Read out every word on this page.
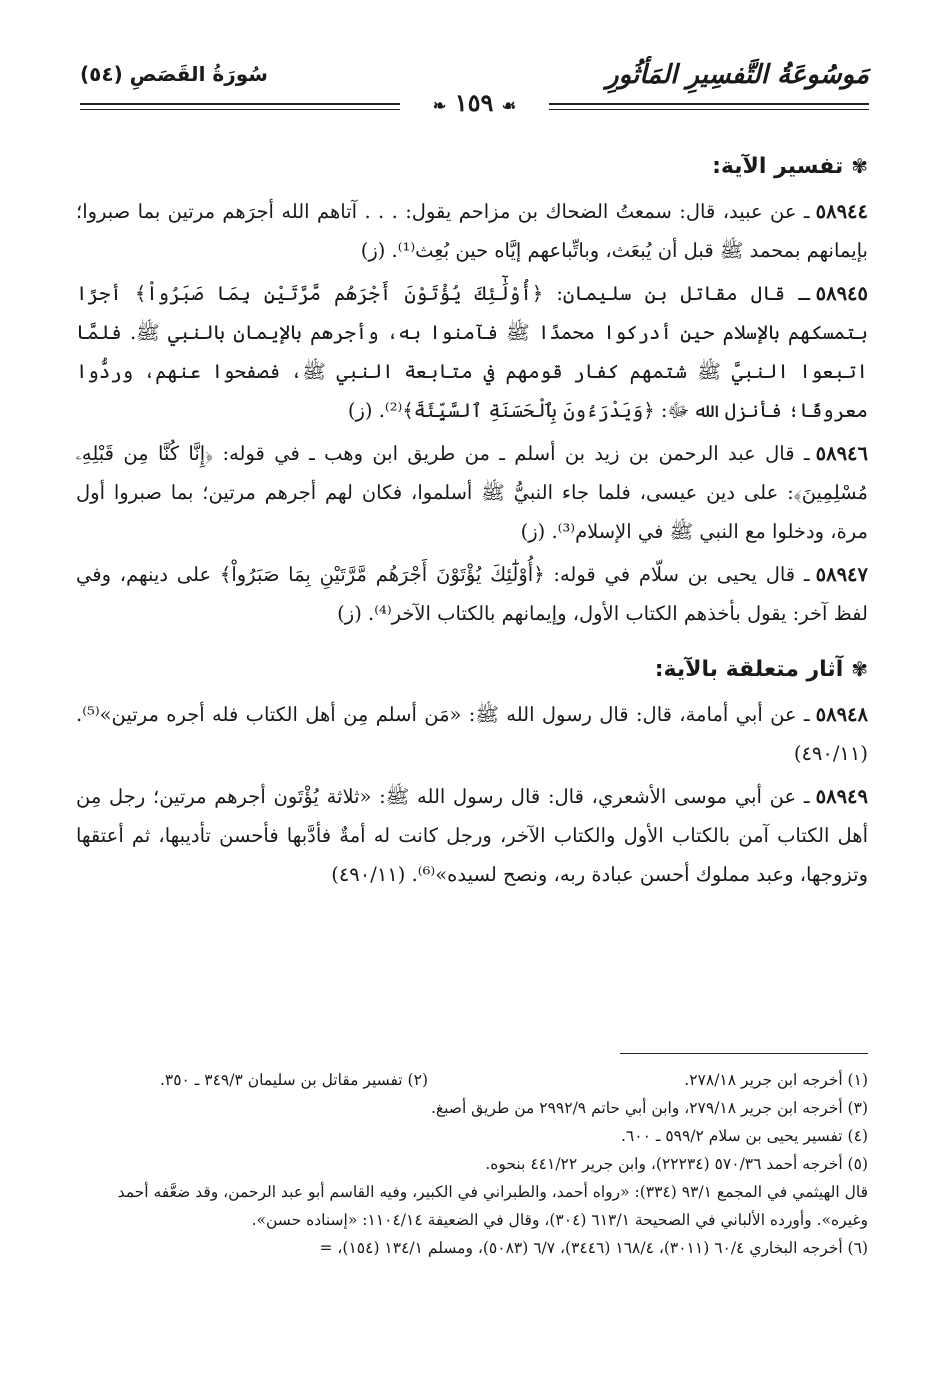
مَوسُوعَةُ التَّفسِيرِ المَأثُورِ
سُورَةُ القَصَصِ (٥٤)
❧ ١٥٩ ☙
✾تفسير الآية:

٥٨٩٤٤ـ عن عبيد، قال: سمعتُ الضحاك بن مزاحم يقول: . . . آتاهم الله أجرَهم مرتين بما صبروا؛ بإيمانهم بمحمد ﷺ قبل أن يُبعَث، وباتِّباعهم إيَّاه حين بُعِث⁽¹⁾. (ز)

٥٨٩٤٥ـ قال مقاتل بن سليمان: ﴿أُوْلَٰٓئِكَ يُؤْتَوْنَ أَجْرَهُم مَّرَّتَيْنِ بِمَا صَبَرُواْ﴾ أجرًا بتمسكهم بالإسلام حين أدركوا محمدًا ﷺ فآمنوا به، وأجرهم بالإيمان بالنبي ﷺ. فلمَّا اتبعوا النبيَّ ﷺ شتمهم كفار قومهم في متابعة النبي ﷺ، فصفحوا عنهم، وردُّوا معروفًا؛ فأنزل الله ﷻ: ﴿وَيَدْرَءُونَ بِٱلْحَسَنَةِ ٱلسَّيِّئَةَ﴾⁽²⁾. (ز)

٥٨٩٤٦ـ قال عبد الرحمن بن زيد بن أسلم ـ من طريق ابن وهب ـ في قوله: ﴿إِنَّا كُنَّا مِن قَبْلِهِۦ مُسْلِمِينَ﴾: على دين عيسى، فلما جاء النبيُّ ﷺ أسلموا، فكان لهم أجرهم مرتين؛ بما صبروا أول مرة، ودخلوا مع النبي ﷺ في الإسلام⁽³⁾. (ز)

٥٨٩٤٧ـ قال يحيى بن سلّام في قوله: ﴿أُوْلَٰٓئِكَ يُؤْتَوْنَ أَجْرَهُم مَّرَّتَيْنِ بِمَا صَبَرُواْ﴾ على دينهم، وفي لفظ آخر: يقول بأخذهم الكتاب الأول، وإيمانهم بالكتاب الآخر⁽⁴⁾. (ز)

✾آثار متعلقة بالآية:

٥٨٩٤٨ـ عن أبي أمامة، قال: قال رسول الله ﷺ: «مَن أسلم مِن أهل الكتاب فله أجره مرتين»⁽⁵⁾. (٤٩٠/١١)

٥٨٩٤٩ـ عن أبي موسى الأشعري، قال: قال رسول الله ﷺ: «ثلاثة يُؤْتَون أجرهم مرتين؛ رجل مِن أهل الكتاب آمن بالكتاب الأول والكتاب الآخر، ورجل كانت له أمةٌ فأدَّبها فأحسن تأديبها، ثم أعتقها وتزوجها، وعبد مملوك أحسن عبادة ربه، ونصح لسيده»⁽⁶⁾. (٤٩٠/١١)

(١) أخرجه ابن جرير ٢٧٨/١٨.
(٢) تفسير مقاتل بن سليمان ٣٤٩/٣ ـ ٣٥٠.

(٣) أخرجه ابن جرير ٢٧٩/١٨، وابن أبي حاتم ٢٩٩٢/٩ من طريق أصبغ.

(٤) تفسير يحيى بن سلام ٥٩٩/٢ ـ ٦٠٠.

(٥) أخرجه أحمد ٥٧٠/٣٦ (٢٢٢٣٤)، وابن جرير ٤٤١/٢٢ بنحوه.

قال الهيثمي في المجمع ٩٣/١ (٣٣٤): «رواه أحمد، والطبراني في الكبير، وفيه القاسم أبو عبد الرحمن، وقد ضعَّفه أحمد وغيره». وأورده الألباني في الصحيحة ٦١٣/١ (٣٠٤)، وقال في الضعيفة ١١٠٤/١٤: «إسناده حسن».

(٦) أخرجه البخاري ٦٠/٤ (٣٠١١)، ١٦٨/٤ (٣٤٤٦)، ٦/٧ (٥٠٨٣)، ومسلم ١٣٤/١ (١٥٤)، =
